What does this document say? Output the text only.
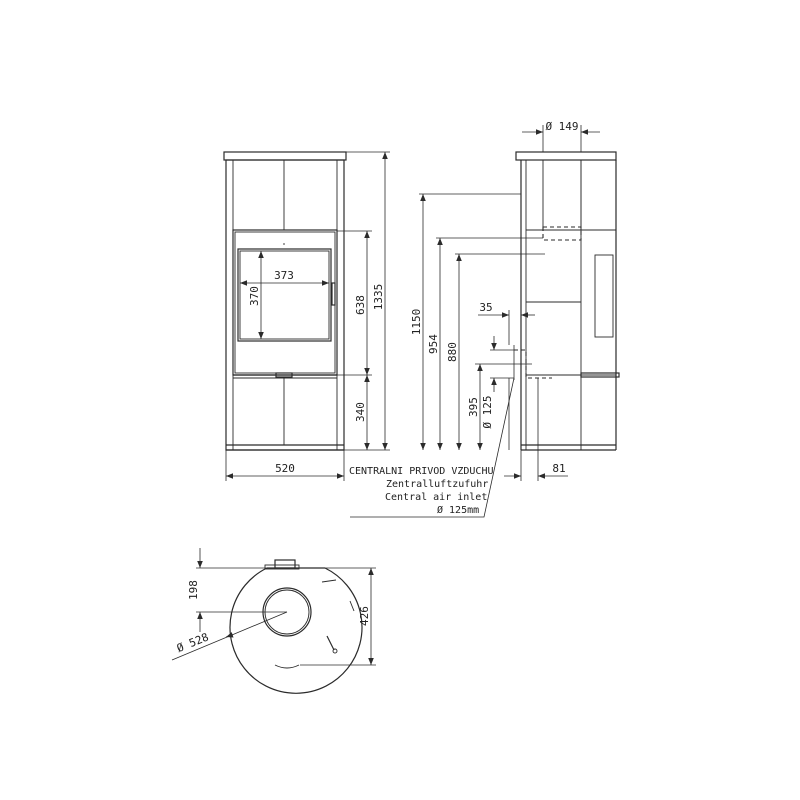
373
370	638
340
1335
520
Ø 149
1150
954 880
395 Ø 125
35
81
CENTRALNI PRIVOD VZDUCHU
Zentralluftzufuhr
Central air inlet
Ø 125mm
198
426
Ø 528
